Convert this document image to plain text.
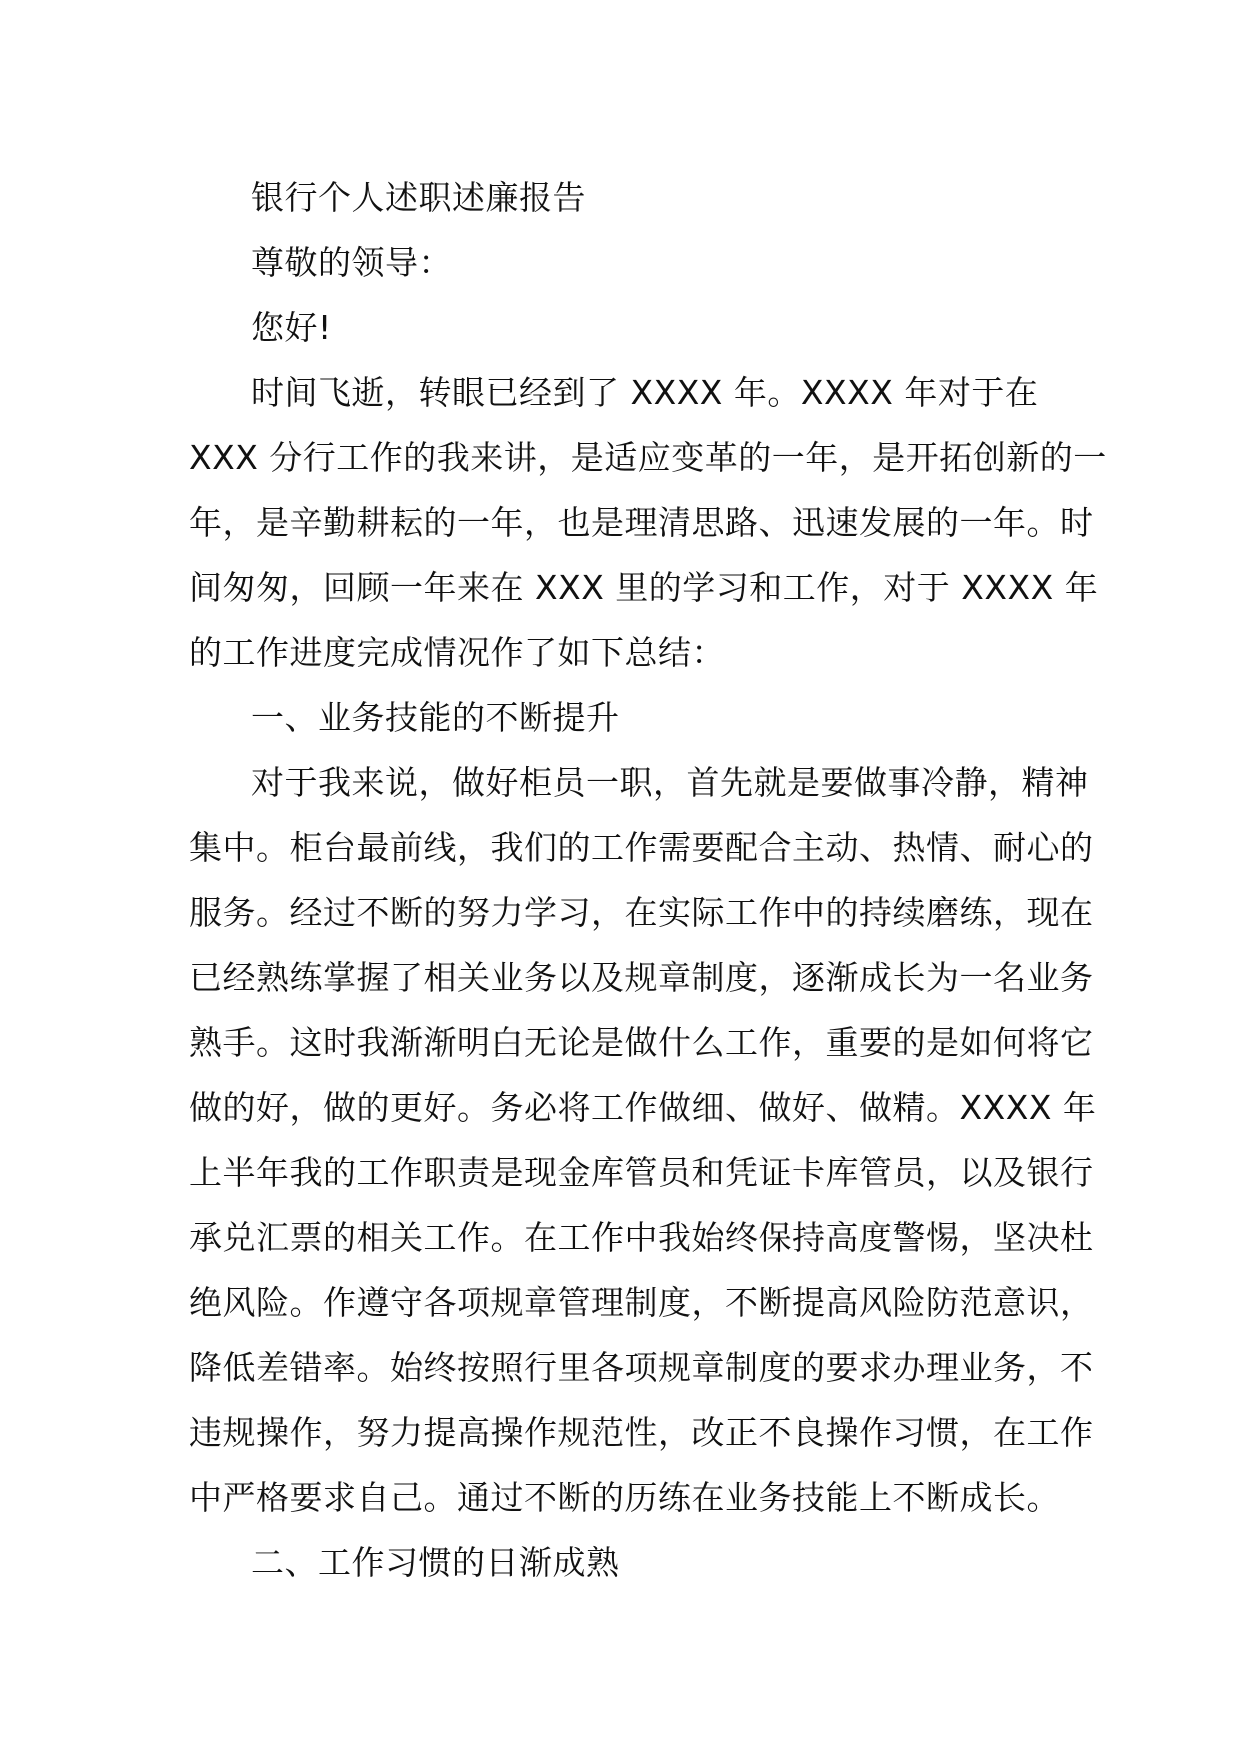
银行个人述职述廉报告
尊敬的领导：
您好!
时间飞逝，转眼已经到了 XXXX 年。XXXX 年对于在
XXX 分行工作的我来讲，是适应变革的一年，是开拓创新的一
年，是辛勤耕耘的一年，也是理清思路、迅速发展的一年。时
间匆匆，回顾一年来在 XXX 里的学习和工作，对于 XXXX 年
的工作进度完成情况作了如下总结：
一、业务技能的不断提升
对于我来说，做好柜员一职，首先就是要做事冷静，精神
集中。柜台最前线，我们的工作需要配合主动、热情、耐心的
服务。经过不断的努力学习，在实际工作中的持续磨练，现在
已经熟练掌握了相关业务以及规章制度，逐渐成长为一名业务
熟手。这时我渐渐明白无论是做什么工作，重要的是如何将它
做的好，做的更好。务必将工作做细、做好、做精。XXXX 年
上半年我的工作职责是现金库管员和凭证卡库管员，以及银行
承兑汇票的相关工作。在工作中我始终保持高度警惕，坚决杜
绝风险。作遵守各项规章管理制度，不断提高风险防范意识，
降低差错率。始终按照行里各项规章制度的要求办理业务，不
违规操作，努力提高操作规范性，改正不良操作习惯，在工作
中严格要求自己。通过不断的历练在业务技能上不断成长。
二、工作习惯的日渐成熟
